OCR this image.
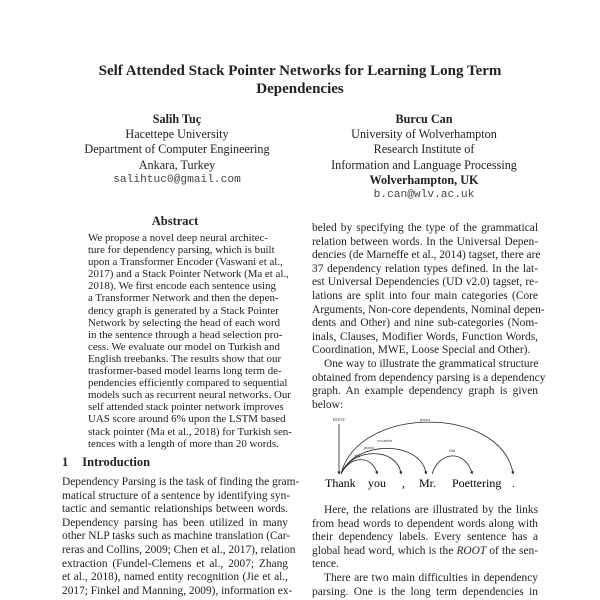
Self Attended Stack Pointer Networks for Learning Long Term
Dependencies
Salih Tuç
Hacettepe University
Department of Computer Engineering
Ankara, Turkey
salihtuc0@gmail.com
Burcu Can
University of Wolverhampton
Research Institute of
Information and Language Processing
Wolverhampton, UK
b.can@wlv.ac.uk
Abstract
We propose a novel deep neural architec-
ture for dependency parsing, which is built
upon a Transformer Encoder (Vaswani et al.,
2017) and a Stack Pointer Network (Ma et al.,
2018). We first encode each sentence using
a Transformer Network and then the depen-
dency graph is generated by a Stack Pointer
Network by selecting the head of each word
in the sentence through a head selection pro-
cess. We evaluate our model on Turkish and
English treebanks. The results show that our
trasformer-based model learns long term de-
pendencies efficiently compared to sequential
models such as recurrent neural networks. Our
self attended stack pointer network improves
UAS score around 6% upon the LSTM based
stack pointer (Ma et al., 2018) for Turkish sen-
tences with a length of more than 20 words.
1 Introduction
Dependency Parsing is the task of finding the gram-
matical structure of a sentence by identifying syn-
tactic and semantic relationships between words.
Dependency parsing has been utilized in many
other NLP tasks such as machine translation (Car-
reras and Collins, 2009; Chen et al., 2017), relation
extraction (Fundel-Clemens et al., 2007; Zhang
et al., 2018), named entity recognition (Jie et al.,
2017; Finkel and Manning, 2009), information ex-
beled by specifying the type of the grammatical
relation between words. In the Universal Depen-
dencies (de Marneffe et al., 2014) tagset, there are
37 dependency relation types defined. In the lat-
est Universal Dependencies (UD v2.0) tagset, re-
lations are split into four main categories (Core
Arguments, Non-core dependents, Nominal depen-
dents and Other) and nine sub-categories (Nom-
inals, Clauses, Modifier Words, Function Words,
Coordination, MWE, Loose Special and Other).
One way to illustrate the grammatical structure
obtained from dependency parsing is a dependency
graph. An example dependency graph is given
below:
ROOT	punct
vocative
punct
obj
flat
Thank you , Mr. Poettering .
Here, the relations are illustrated by the links
from head words to dependent words along with
their dependency labels. Every sentence has a
global head word, which is the ROOT of the sen-
tence.
There are two main difficulties in dependency
parsing. One is the long term dependencies in
